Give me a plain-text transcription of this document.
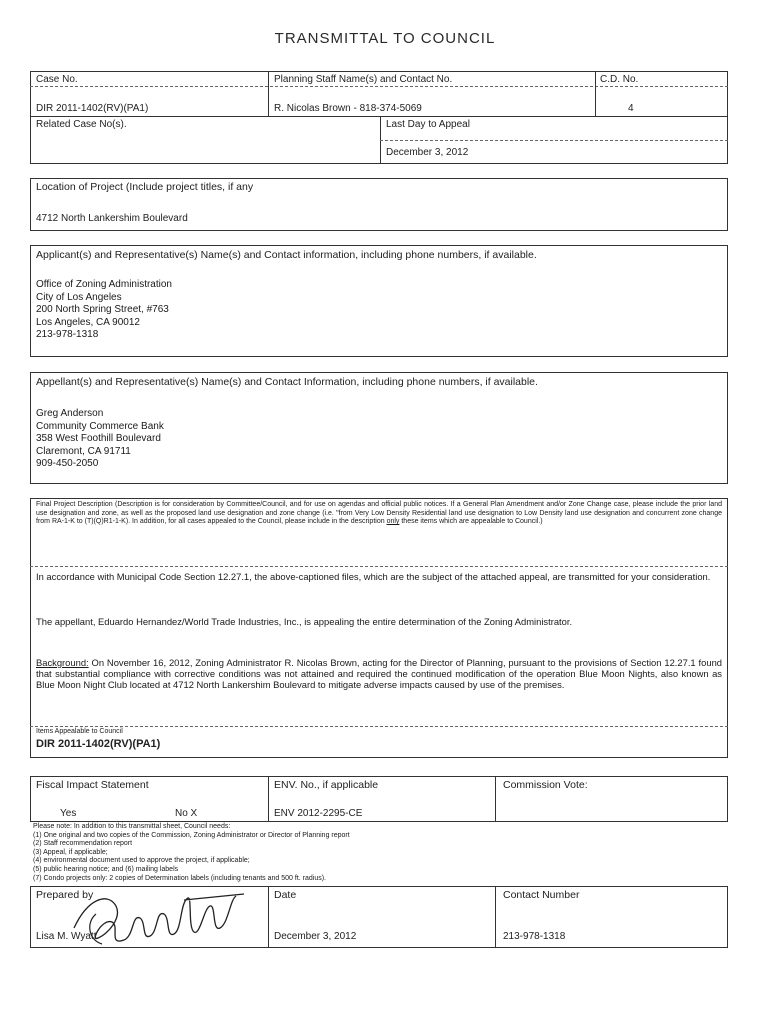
TRANSMITTAL TO COUNCIL
Case No.
DIR 2011-1402(RV)(PA1)
Planning Staff Name(s) and Contact No.
R. Nicolas Brown - 818-374-5069
C.D. No.
4
Related Case No(s).	Last Day to Appeal
December 3, 2012
Location of Project (Include project titles, if any
4712 North Lankershim Boulevard
Applicant(s) and Representative(s) Name(s) and Contact information, including phone numbers, if available.
Office of Zoning Administration
City of Los Angeles
200 North Spring Street, #763
Los Angeles, CA 90012
213-978-1318
Appellant(s) and Representative(s) Name(s) and Contact Information, including phone numbers, if available.
Greg Anderson
Community Commerce Bank
358 West Foothill Boulevard
Claremont, CA 91711
909-450-2050
Final Project Description (Description is for consideration by Committee/Council, and for use on agendas and official public notices. If a General Plan Amendment and/or Zone Change case, please include the prior land use designation and zone, as well as the proposed land use designation and zone change (i.e. "from Very Low Density Residential land use designation to Low Density land use designation and concurrent zone change from RA-1-K to (T)(Q)R1-1-K). In addition, for all cases appealed to the Council, please include in the description only these items which are appealable to Council.)
In accordance with Municipal Code Section 12.27.1, the above-captioned files, which are the subject of the attached appeal, are transmitted for your consideration.
The appellant, Eduardo Hernandez/World Trade Industries, Inc., is appealing the entire determination of the Zoning Administrator.
Background: On November 16, 2012, Zoning Administrator R. Nicolas Brown, acting for the Director of Planning, pursuant to the provisions of Section 12.27.1 found that substantial compliance with corrective conditions was not attained and required the continued modification of the operation Blue Moon Nights, also known as Blue Moon Night Club located at 4712 North Lankershim Boulevard to mitigate adverse impacts caused by use of the premises.
Items Appealable to Council
DIR 2011-1402(RV)(PA1)
Fiscal Impact Statement
Yes	No X
ENV. No., if applicable
ENV 2012-2295-CE
Commission Vote:
Please note: In addition to this transmittal sheet, Council needs:
(1) One original and two copies of the Commission, Zoning Administrator or Director of Planning report
(2) Staff recommendation report
(3) Appeal, if applicable;
(4) environmental document used to approve the project, if applicable;
(5) public hearing notice; and (6) mailing labels
(7) Condo projects only: 2 copies of Determination labels (including tenants and 500 ft. radius).
Prepared by
Lisa M. Wyatt
Date
December 3, 2012
Contact Number
213-978-1318
